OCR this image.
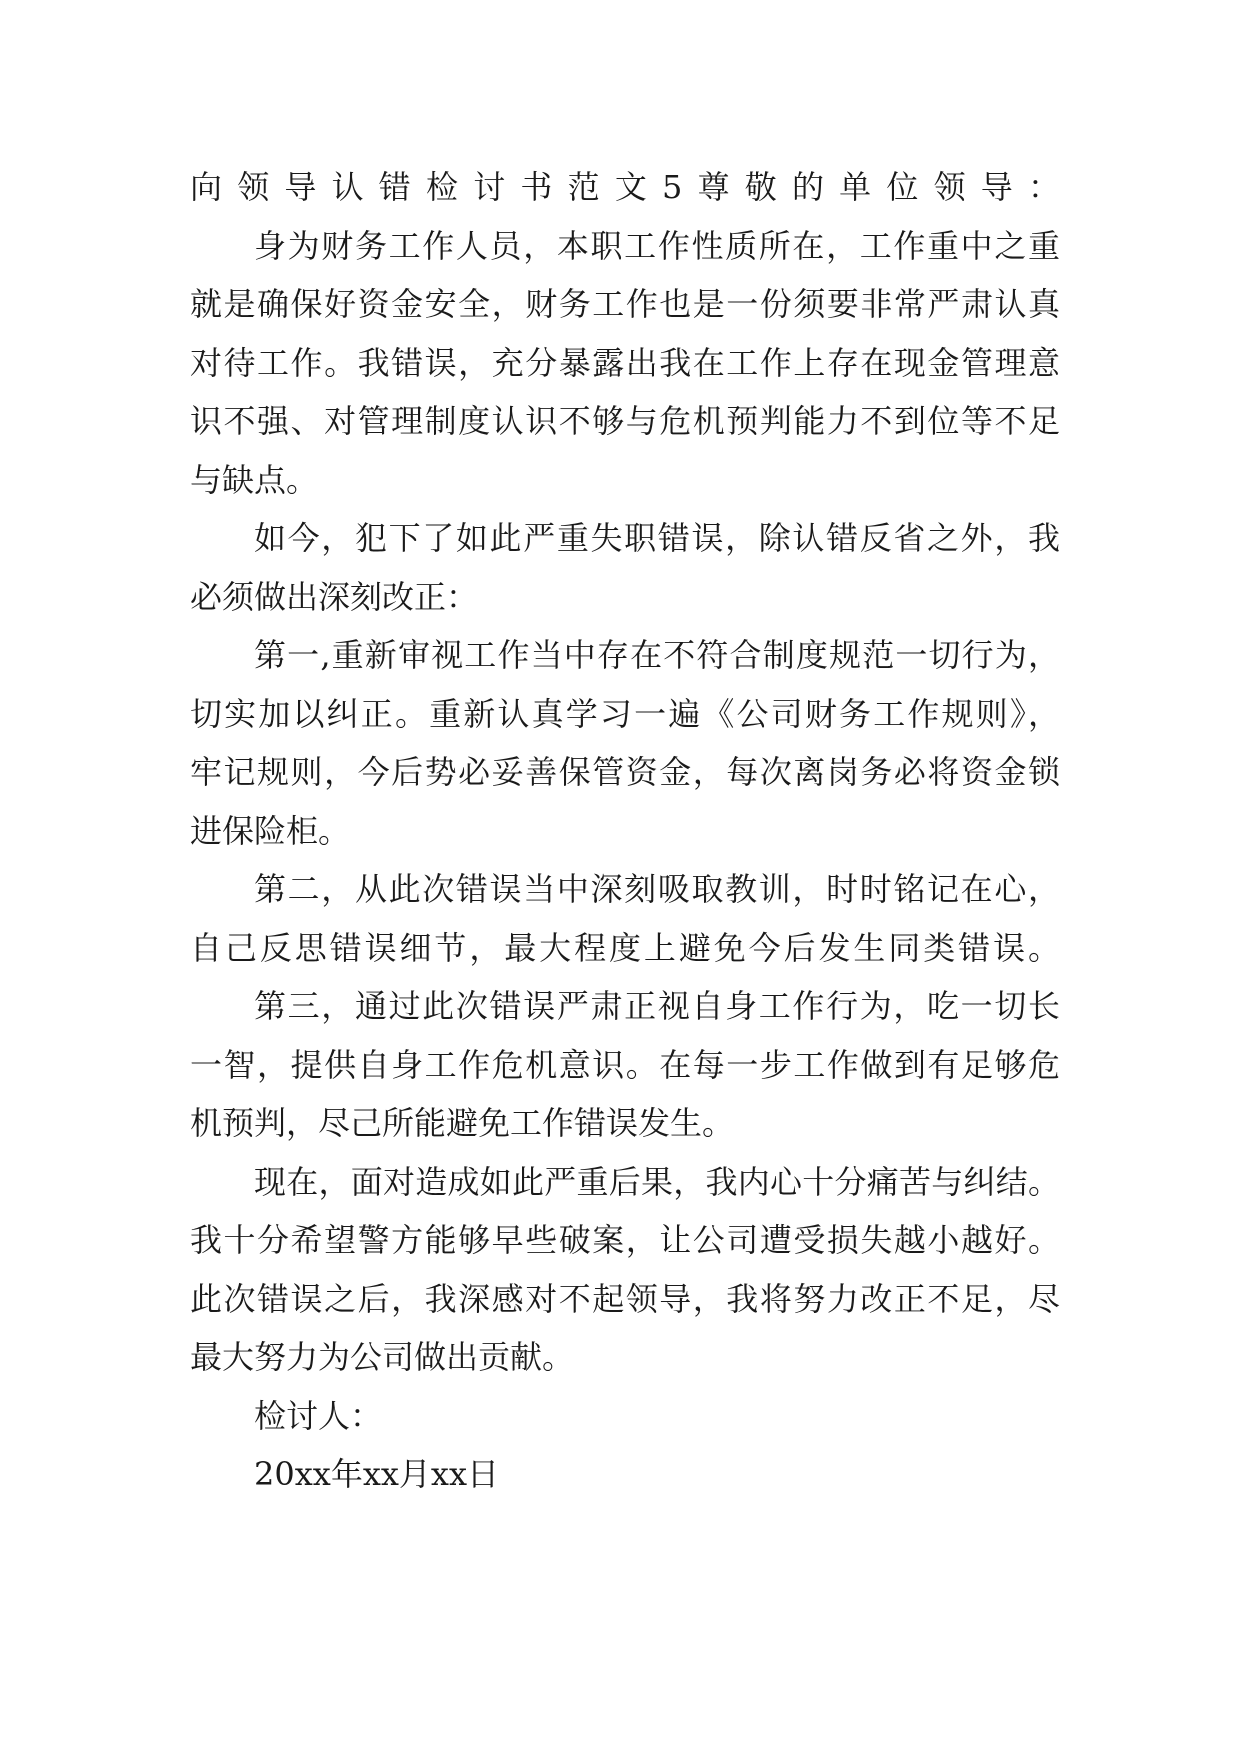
向领导认错检讨书范文5尊敬的单位领导：
身为财务工作人员，本职工作性质所在，工作重中之重
就是确保好资金安全，财务工作也是一份须要非常严肃认真
对待工作。我错误，充分暴露出我在工作上存在现金管理意
识不强、对管理制度认识不够与危机预判能力不到位等不足
与缺点。
如今，犯下了如此严重失职错误，除认错反省之外，我
必须做出深刻改正：
第一,重新审视工作当中存在不符合制度规范一切行为，
切实加以纠正。重新认真学习一遍《公司财务工作规则》，
牢记规则，今后势必妥善保管资金，每次离岗务必将资金锁
进保险柜。
第二，从此次错误当中深刻吸取教训，时时铭记在心，
自己反思错误细节，最大程度上避免今后发生同类错误。
第三，通过此次错误严肃正视自身工作行为，吃一切长
一智，提供自身工作危机意识。在每一步工作做到有足够危
机预判，尽己所能避免工作错误发生。
现在，面对造成如此严重后果，我内心十分痛苦与纠结。
我十分希望警方能够早些破案，让公司遭受损失越小越好。
此次错误之后，我深感对不起领导，我将努力改正不足，尽
最大努力为公司做出贡献。
检讨人：
20xx年xx月xx日
